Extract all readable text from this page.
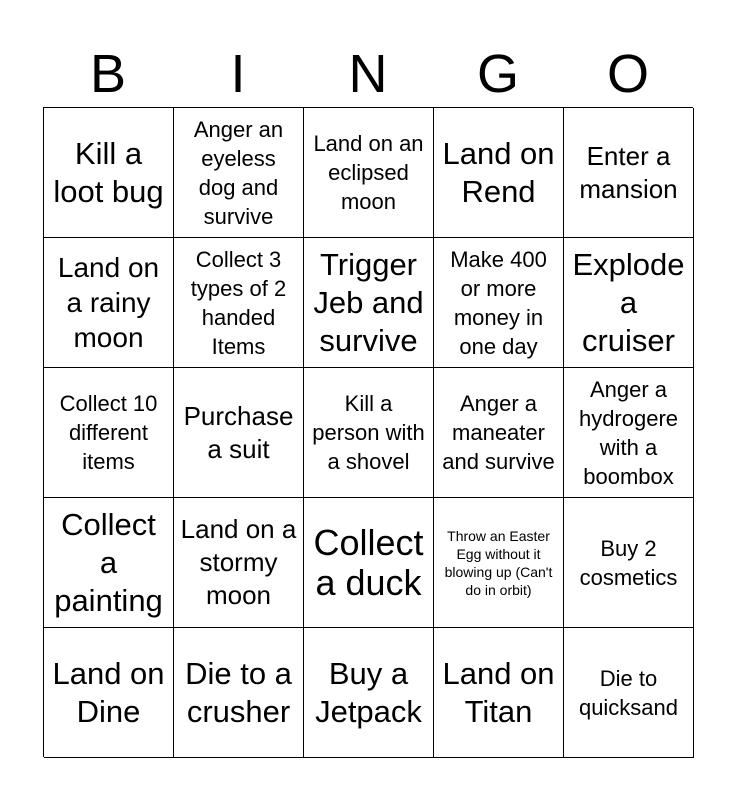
B	I	N	G	O
Kill a loot bug
Anger an eyeless dog and survive
Land on an eclipsed moon
Land on Rend
Enter a mansion
Land on a rainy moon
Collect 3 types of 2 handed Items
Trigger Jeb and survive
Make 400 or more money in one day
Explode a cruiser
Collect 10 different items
Purchase a suit
Kill a person with a shovel
Anger a maneater and survive
Anger a hydrogere with a boombox
Collect a painting
Land on a stormy moon
Collect a duck
Throw an Easter Egg without it blowing up (Can't do in orbit)
Buy 2 cosmetics
Land on Dine
Die to a crusher
Buy a Jetpack
Land on Titan
Die to quicksand
